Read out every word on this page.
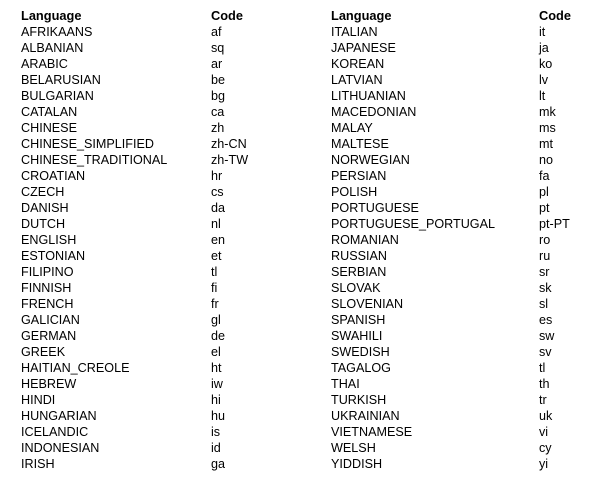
Language	Code
AFRIKAANS	af
ALBANIAN	sq
ARABIC	ar
BELARUSIAN	be
BULGARIAN	bg
CATALAN	ca
CHINESE	zh
CHINESE_SIMPLIFIED	zh-CN
CHINESE_TRADITIONAL	zh-TW
CROATIAN	hr
CZECH	cs
DANISH	da
DUTCH	nl
ENGLISH	en
ESTONIAN	et
FILIPINO	tl
FINNISH	fi
FRENCH	fr
GALICIAN	gl
GERMAN	de
GREEK	el
HAITIAN_CREOLE	ht
HEBREW	iw
HINDI	hi
HUNGARIAN	hu
ICELANDIC	is
INDONESIAN	id
IRISH	ga
Language	Code
ITALIAN	it
JAPANESE	ja
KOREAN	ko
LATVIAN	lv
LITHUANIAN	lt
MACEDONIAN	mk
MALAY	ms
MALTESE	mt
NORWEGIAN	no
PERSIAN	fa
POLISH	pl
PORTUGUESE	pt
PORTUGUESE_PORTUGAL	pt-PT
ROMANIAN	ro
RUSSIAN	ru
SERBIAN	sr
SLOVAK	sk
SLOVENIAN	sl
SPANISH	es
SWAHILI	sw
SWEDISH	sv
TAGALOG	tl
THAI	th
TURKISH	tr
UKRAINIAN	uk
VIETNAMESE	vi
WELSH	cy
YIDDISH	yi
